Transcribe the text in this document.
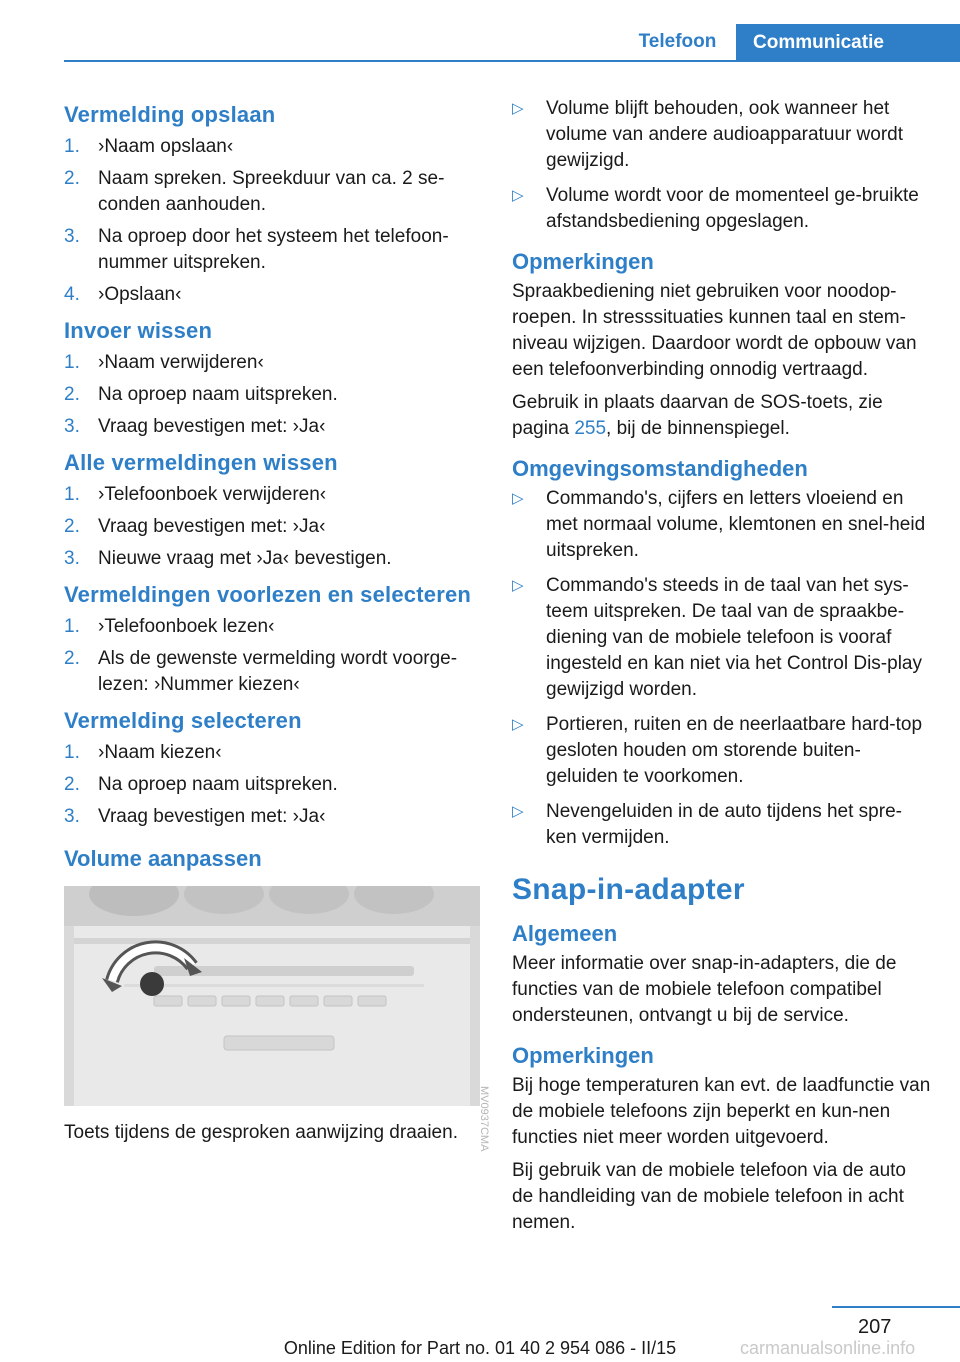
Telefoon	Communicatie
Vermelding opslaan
1. ›Naam opslaan‹
2. Naam spreken. Spreekduur van ca. 2 se-conden aanhouden.
3. Na oproep door het systeem het telefoon-nummer uitspreken.
4. ›Opslaan‹
Invoer wissen
1. ›Naam verwijderen‹
2. Na oproep naam uitspreken.
3. Vraag bevestigen met: ›Ja‹
Alle vermeldingen wissen
1. ›Telefoonboek verwijderen‹
2. Vraag bevestigen met: ›Ja‹
3. Nieuwe vraag met ›Ja‹ bevestigen.
Vermeldingen voorlezen en selecteren
1. ›Telefoonboek lezen‹
2. Als de gewenste vermelding wordt voorge-lezen: ›Nummer kiezen‹
Vermelding selecteren
1. ›Naam kiezen‹
2. Na oproep naam uitspreken.
3. Vraag bevestigen met: ›Ja‹
Volume aanpassen
MV0937CMA

Toets tijdens de gesproken aanwijzing draaien.

▷ Volume blijft behouden, ook wanneer het volume van andere audioapparatuur wordt gewijzigd.
▷ Volume wordt voor de momenteel ge-bruikte afstandsbediening opgeslagen.
Opmerkingen

Spraakbediening niet gebruiken voor noodop-roepen. In stresssituaties kunnen taal en stem-niveau wijzigen. Daardoor wordt de opbouw van een telefoonverbinding onnodig vertraagd.

Gebruik in plaats daarvan de SOS-toets, zie pagina 255, bij de binnenspiegel.

Omgevingsomstandigheden
▷ Commando's, cijfers en letters vloeiend en met normaal volume, klemtonen en snel-heid uitspreken.
▷ Commando's steeds in de taal van het sys-teem uitspreken. De taal van de spraakbe-diening van de mobiele telefoon is vooraf ingesteld en kan niet via het Control Dis-play gewijzigd worden.
▷ Portieren, ruiten en de neerlaatbare hard-top gesloten houden om storende buiten-geluiden te voorkomen.
▷ Nevengeluiden in de auto tijdens het spre-ken vermijden.
Snap-in-adapter
Algemeen

Meer informatie over snap-in-adapters, die de functies van de mobiele telefoon compatibel ondersteunen, ontvangt u bij de service.

Opmerkingen

Bij hoge temperaturen kan evt. de laadfunctie van de mobiele telefoons zijn beperkt en kun-nen functies niet meer worden uitgevoerd.

Bij gebruik van de mobiele telefoon via de auto de handleiding van de mobiele telefoon in acht nemen.

207
carmanualsonline.info
Online Edition for Part no. 01 40 2 954 086 - II/15
